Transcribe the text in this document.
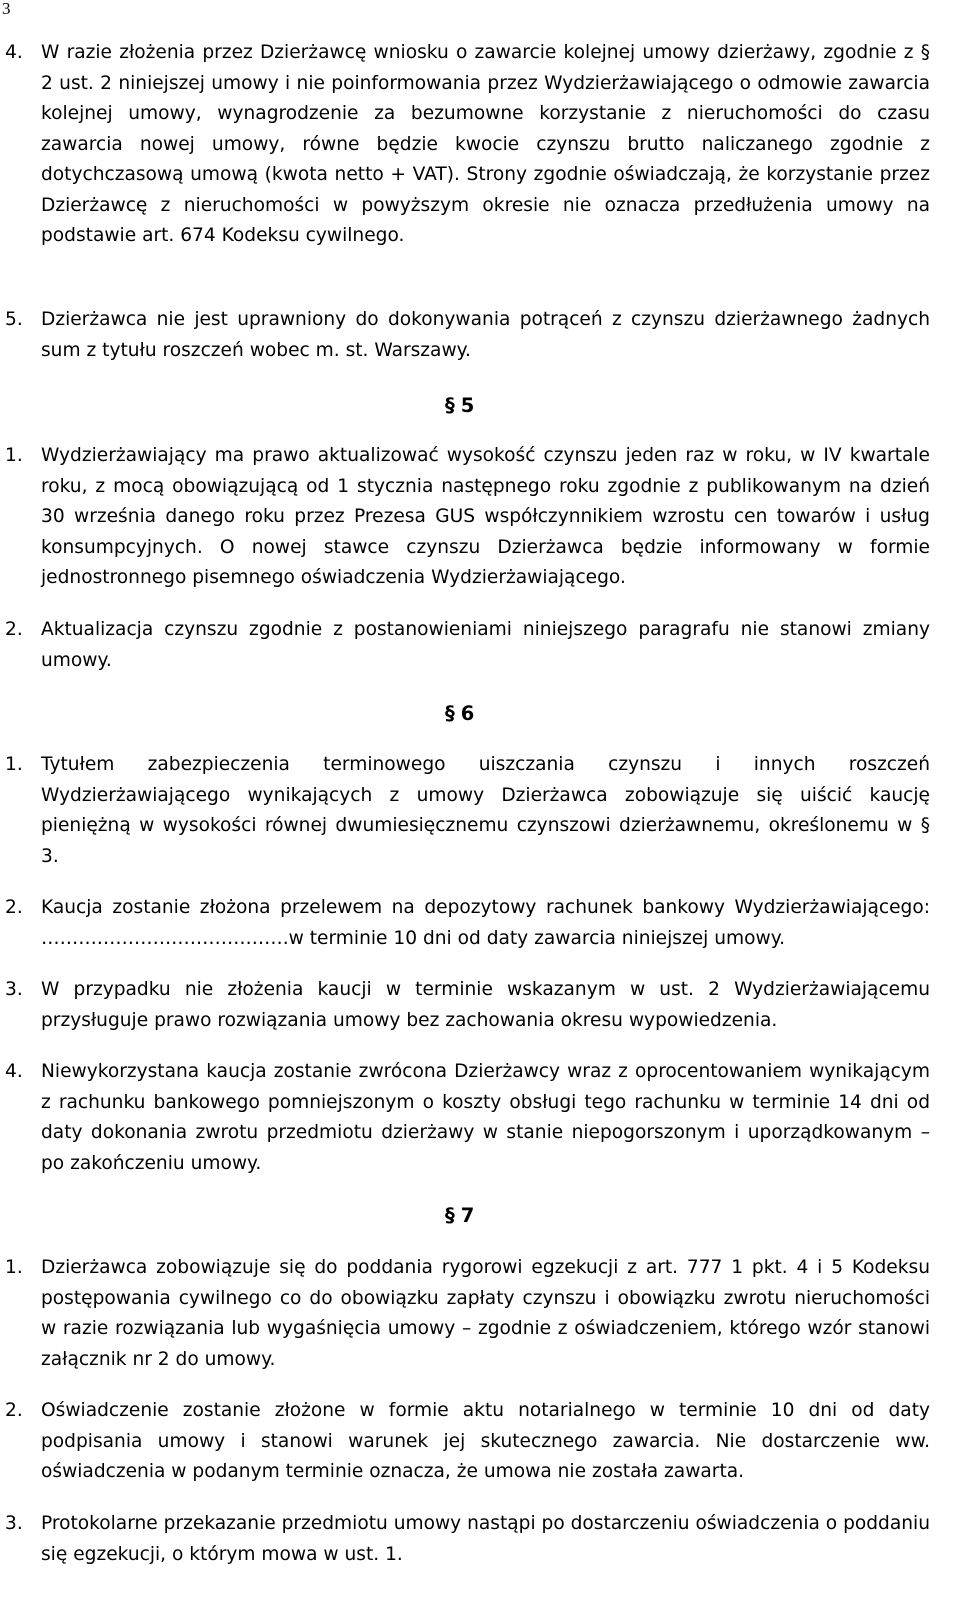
3
4. W razie złożenia przez Dzierżawcę wniosku o zawarcie kolejnej umowy dzierżawy, zgodnie z § 2 ust. 2 niniejszej umowy i nie poinformowania przez Wydzierżawiającego o odmowie zawarcia kolejnej umowy, wynagrodzenie za bezumowne korzystanie z nieruchomości do czasu zawarcia nowej umowy, równe będzie kwocie czynszu brutto naliczanego zgodnie z dotychczasową umową (kwota netto + VAT). Strony zgodnie oświadczają, że korzystanie przez Dzierżawcę z nieruchomości w powyższym okresie nie oznacza przedłużenia umowy na podstawie art. 674 Kodeksu cywilnego.
5. Dzierżawca nie jest uprawniony do dokonywania potrąceń z czynszu dzierżawnego żadnych sum z tytułu roszczeń wobec m. st. Warszawy.
§ 5
1. Wydzierżawiający ma prawo aktualizować wysokość czynszu jeden raz w roku, w IV kwartale roku, z mocą obowiązującą od 1 stycznia następnego roku zgodnie z publikowanym na dzień 30 września danego roku przez Prezesa GUS współczynnikiem wzrostu cen towarów i usług konsumpcyjnych. O nowej stawce czynszu Dzierżawca będzie informowany w formie jednostronnego pisemnego oświadczenia Wydzierżawiającego.
2. Aktualizacja czynszu zgodnie z postanowieniami niniejszego paragrafu nie stanowi zmiany umowy.
§ 6
1. Tytułem zabezpieczenia terminowego uiszczania czynszu i innych roszczeń Wydzierżawiającego wynikających z umowy Dzierżawca zobowiązuje się uiścić kaucję pieniężną w wysokości równej dwumiesięcznemu czynszowi dzierżawnemu, określonemu w § 3.
2. Kaucja zostanie złożona przelewem na depozytowy rachunek bankowy Wydzierżawiającego: ………………………………….w terminie 10 dni od daty zawarcia niniejszej umowy.
3. W przypadku nie złożenia kaucji w terminie wskazanym w ust. 2 Wydzierżawiającemu przysługuje prawo rozwiązania umowy bez zachowania okresu wypowiedzenia.
4. Niewykorzystana kaucja zostanie zwrócona Dzierżawcy wraz z oprocentowaniem wynikającym z rachunku bankowego pomniejszonym o koszty obsługi tego rachunku w terminie 14 dni od daty dokonania zwrotu przedmiotu dzierżawy w stanie niepogorszonym i uporządkowanym – po zakończeniu umowy.
§ 7
1. Dzierżawca zobowiązuje się do poddania rygorowi egzekucji z art. 777 1 pkt. 4 i 5 Kodeksu postępowania cywilnego co do obowiązku zapłaty czynszu i obowiązku zwrotu nieruchomości w razie rozwiązania lub wygaśnięcia umowy – zgodnie z oświadczeniem, którego wzór stanowi załącznik nr 2 do umowy.
2. Oświadczenie zostanie złożone w formie aktu notarialnego w terminie 10 dni od daty podpisania umowy i stanowi warunek jej skutecznego zawarcia. Nie dostarczenie ww. oświadczenia w podanym terminie oznacza, że umowa nie została zawarta.
3. Protokolarne przekazanie przedmiotu umowy nastąpi po dostarczeniu oświadczenia o poddaniu się egzekucji, o którym mowa w ust. 1.
